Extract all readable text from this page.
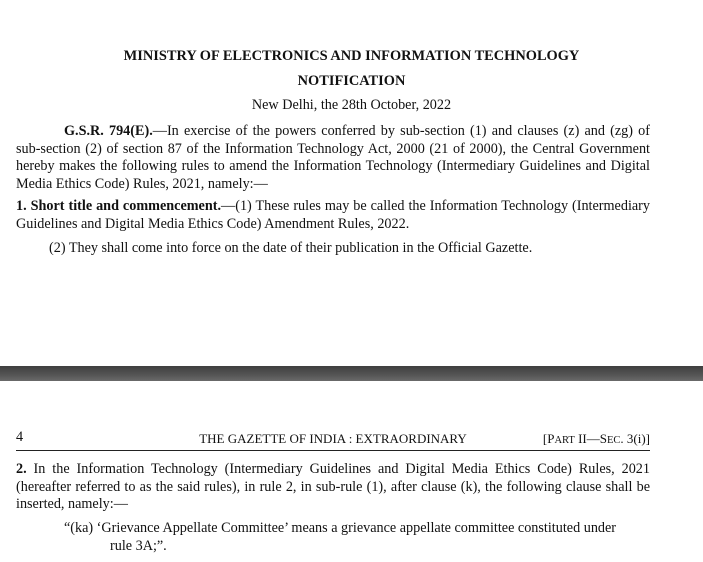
MINISTRY OF ELECTRONICS AND INFORMATION TECHNOLOGY
NOTIFICATION
New Delhi, the 28th October, 2022
G.S.R. 794(E).—In exercise of the powers conferred by sub-section (1) and clauses (z) and (zg) of sub-section (2) of section 87 of the Information Technology Act, 2000 (21 of 2000), the Central Government hereby makes the following rules to amend the Information Technology (Intermediary Guidelines and Digital Media Ethics Code) Rules, 2021, namely:—
1. Short title and commencement.—(1) These rules may be called the Information Technology (Intermediary Guidelines and Digital Media Ethics Code) Amendment Rules, 2022.
(2) They shall come into force on the date of their publication in the Official Gazette.
4	THE GAZETTE OF INDIA : EXTRAORDINARY	[PART II—SEC. 3(i)]
2. In the Information Technology (Intermediary Guidelines and Digital Media Ethics Code) Rules, 2021 (hereafter referred to as the said rules), in rule 2, in sub-rule (1), after clause (k), the following clause shall be inserted, namely:—
“(ka) ‘Grievance Appellate Committee’ means a grievance appellate committee constituted under
rule 3A;”.
